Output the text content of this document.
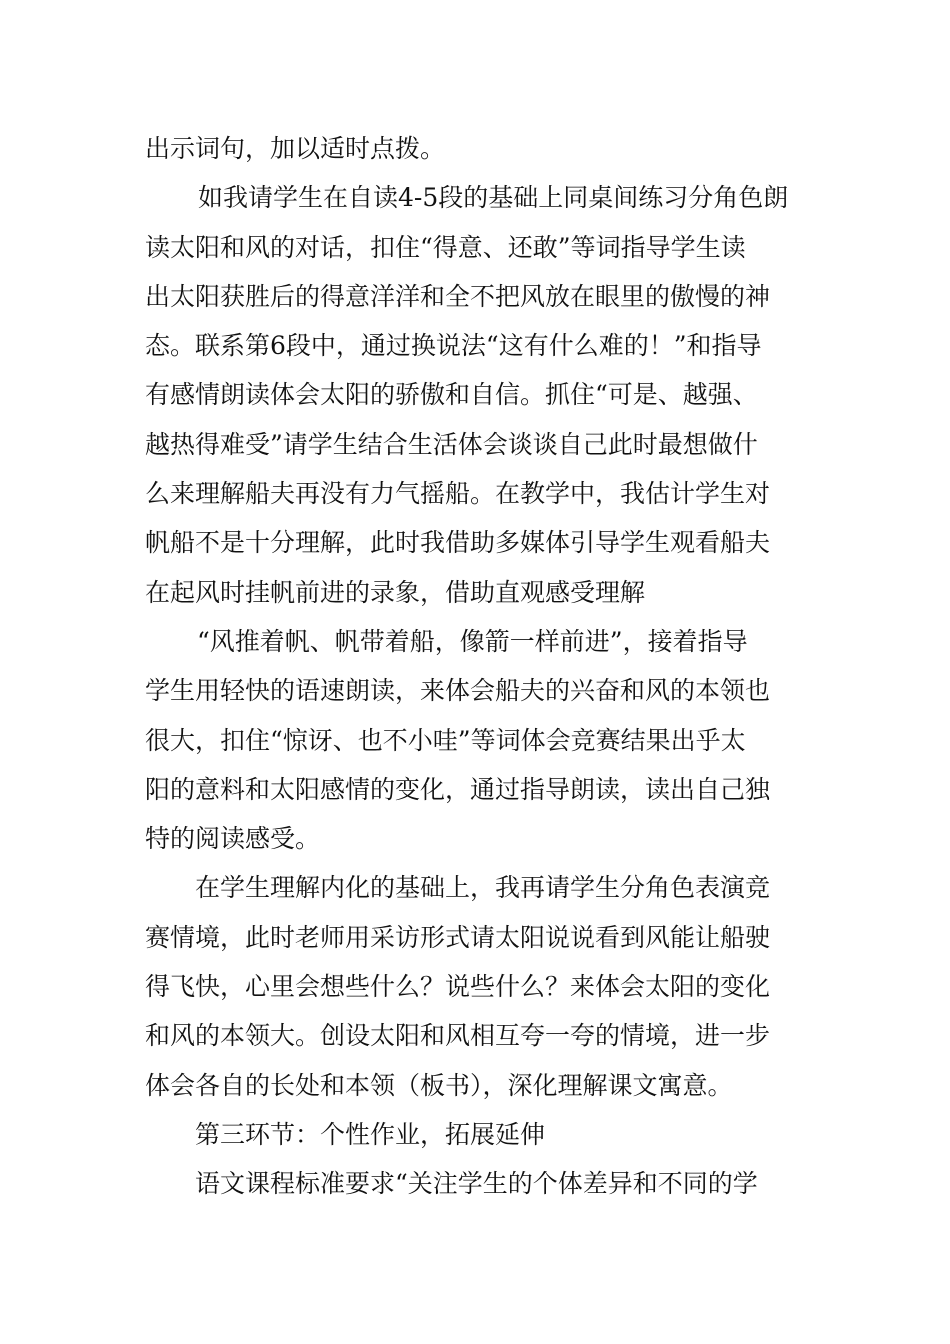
出示词句，加以适时点拨。
如我请学生在自读4-5段的基础上同桌间练习分角色朗
读太阳和风的对话，扣住“得意、还敢”等词指导学生读
出太阳获胜后的得意洋洋和全不把风放在眼里的傲慢的神
态。联系第6段中，通过换说法“这有什么难的！”和指导
有感情朗读体会太阳的骄傲和自信。抓住“可是、越强、
越热得难受”请学生结合生活体会谈谈自己此时最想做什
么来理解船夫再没有力气摇船。在教学中，我估计学生对
帆船不是十分理解，此时我借助多媒体引导学生观看船夫
在起风时挂帆前进的录象，借助直观感受理解
“风推着帆、帆带着船，像箭一样前进”，接着指导
学生用轻快的语速朗读，来体会船夫的兴奋和风的本领也
很大，扣住“惊讶、也不小哇”等词体会竞赛结果出乎太
阳的意料和太阳感情的变化，通过指导朗读，读出自己独
特的阅读感受。
在学生理解内化的基础上，我再请学生分角色表演竞
赛情境，此时老师用采访形式请太阳说说看到风能让船驶
得飞快，心里会想些什么？说些什么？来体会太阳的变化
和风的本领大。创设太阳和风相互夸一夸的情境，进一步
体会各自的长处和本领（板书），深化理解课文寓意。
第三环节：个性作业，拓展延伸
语文课程标准要求“关注学生的个体差异和不同的学
